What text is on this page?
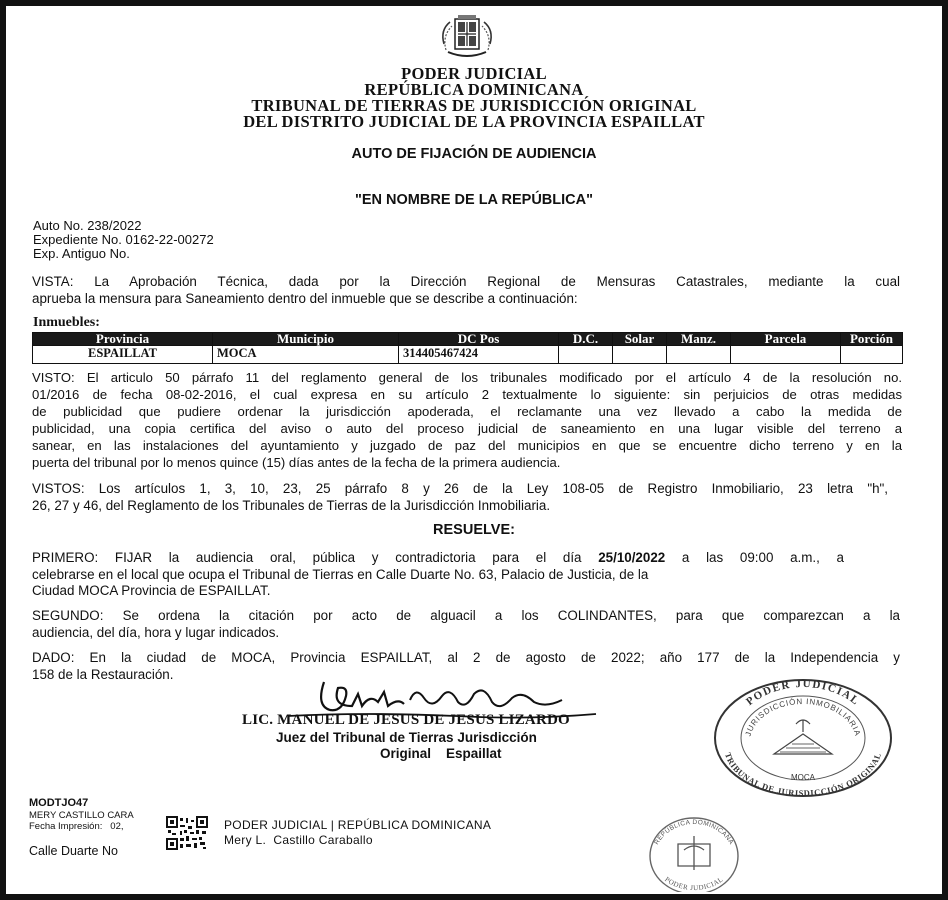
PODER JUDICIAL
REPÚBLICA DOMINICANA
TRIBUNAL DE TIERRAS DE JURISDICCIÓN ORIGINAL
DEL DISTRITO JUDICIAL DE LA PROVINCIA ESPAILLAT
AUTO DE FIJACIÓN DE AUDIENCIA
"EN NOMBRE DE LA REPÚBLICA"
Auto No. 238/2022
Expediente No. 0162-22-00272
Exp. Antiguo No.
VISTA: La Aprobación Técnica, dada por la Dirección Regional de Mensuras Catastrales, mediante la cual
aprueba la mensura para Saneamiento dentro del inmueble que se describe a continuación:
Inmuebles:
Provincia	Municipio	DC Pos	D.C.	Solar	Manz.	Parcela	Porción
ESPAILLAT	MOCA	314405467424					
VISTO: El articulo 50 párrafo 11 del reglamento general de los tribunales modificado por el artículo 4 de la resolución no.
01/2016 de fecha 08-02-2016, el cual expresa en su artículo 2 textualmente lo siguiente: sin perjuicios de otras medidas
de publicidad que pudiere ordenar la jurisdicción apoderada, el reclamante una vez llevado a cabo la medida de
publicidad, una copia certifica del aviso o auto del proceso judicial de saneamiento en una lugar visible del terreno a
sanear, en las instalaciones del ayuntamiento y juzgado de paz del municipios en que se encuentre dicho terreno y en la
puerta del tribunal por lo menos quince (15) días antes de la fecha de la primera audiencia.
VISTOS: Los artículos 1, 3, 10, 23, 25 párrafo 8 y 26 de la Ley 108-05 de Registro Inmobiliario, 23 letra "h",
26, 27 y 46, del Reglamento de los Tribunales de Tierras de la Jurisdicción Inmobiliaria.
RESUELVE:
PRIMERO: FIJAR la audiencia oral, pública y contradictoria para el día 25/10/2022 a las 09:00 a.m., a
celebrarse en el local que ocupa el Tribunal de Tierras en Calle Duarte No. 63, Palacio de Justicia, de la
Ciudad MOCA Provincia de ESPAILLAT.
SEGUNDO: Se ordena la citación por acto de alguacil a los COLINDANTES, para que comparezcan a la
audiencia, del día, hora y lugar indicados.
DADO: En la ciudad de MOCA, Provincia ESPAILLAT, al 2 de agosto de 2022; año 177 de la Independencia y
158 de la Restauración.
LIC. MANUEL DE JESUS DE JESUS LIZARDO
Juez del Tribunal de Tierras Jurisdicción
Original    Espaillat
PODER JUDICIAL
JURISDICCIÓN INMOBILIARIA
TRIBUNAL DE JURISDICCIÓN ORIGINAL
MOCA
MODTJO47
MERY CASTILLO CARA
Fecha Impresión:   02,	PODER JUDICIAL | REPÚBLICA DOMINICANA
Mery L.  Castillo Caraballo
Calle Duarte No
REPÚBLICA DOMINICANA
PODER JUDICIAL
